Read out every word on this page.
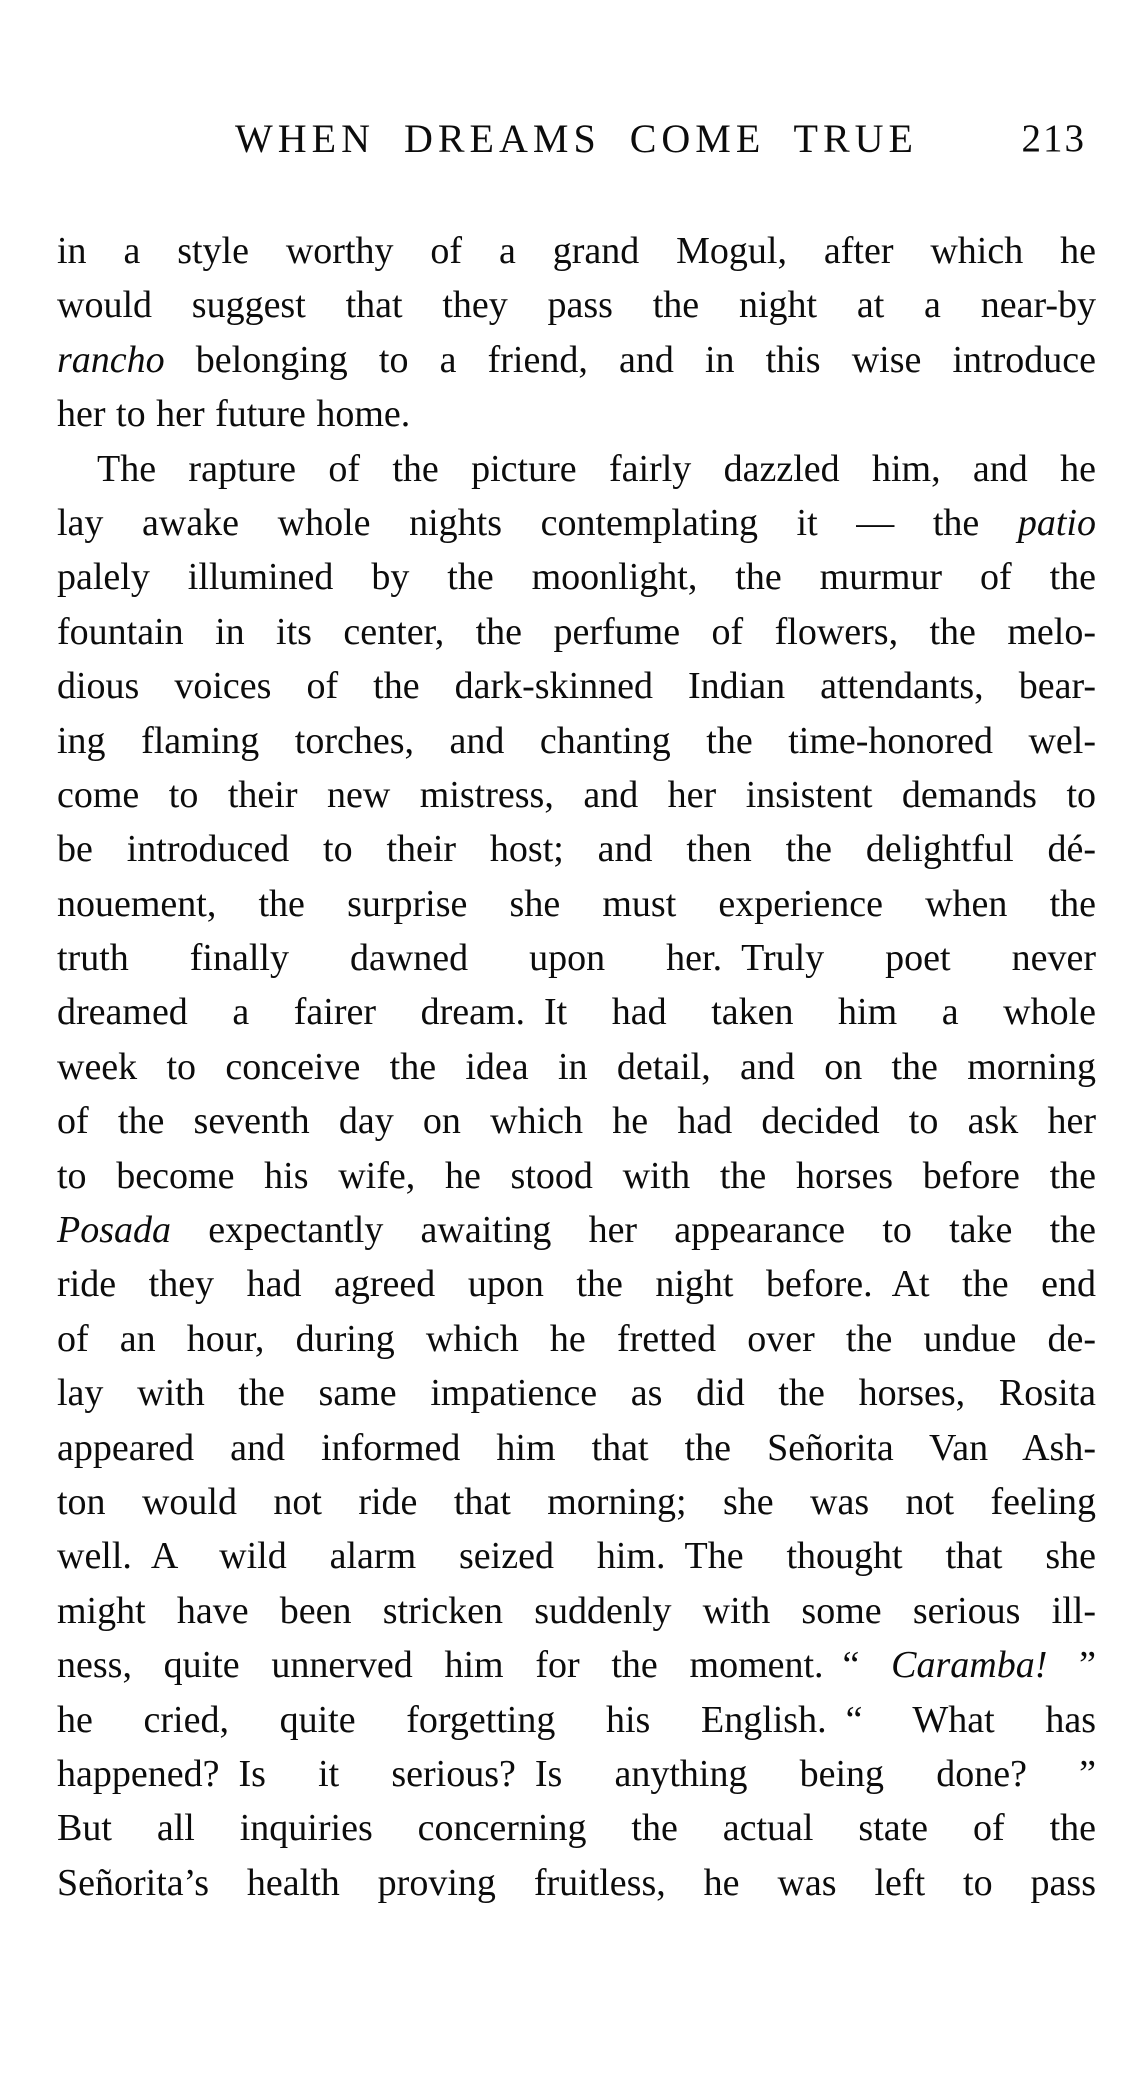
WHEN DREAMS COME TRUE	213
in a style worthy of a grand Mogul, after which he
would suggest that they pass the night at a near-by
rancho belonging to a friend, and in this wise introduce
her to her future home.
The rapture of the picture fairly dazzled him, and he
lay awake whole nights contemplating it — the patio
palely illumined by the moonlight, the murmur of the
fountain in its center, the perfume of flowers, the melo-
dious voices of the dark-skinned Indian attendants, bear-
ing flaming torches, and chanting the time-honored wel-
come to their new mistress, and her insistent demands to
be introduced to their host; and then the delightful dé-
nouement, the surprise she must experience when the
truth finally dawned upon her. Truly poet never
dreamed a fairer dream. It had taken him a whole
week to conceive the idea in detail, and on the morning
of the seventh day on which he had decided to ask her
to become his wife, he stood with the horses before the
Posada expectantly awaiting her appearance to take the
ride they had agreed upon the night before. At the end
of an hour, during which he fretted over the undue de-
lay with the same impatience as did the horses, Rosita
appeared and informed him that the Señorita Van Ash-
ton would not ride that morning; she was not feeling
well. A wild alarm seized him. The thought that she
might have been stricken suddenly with some serious ill-
ness, quite unnerved him for the moment. “ Caramba! ”
he cried, quite forgetting his English. “ What has
happened? Is it serious? Is anything being done? ”
But all inquiries concerning the actual state of the
Señorita’s health proving fruitless, he was left to pass
